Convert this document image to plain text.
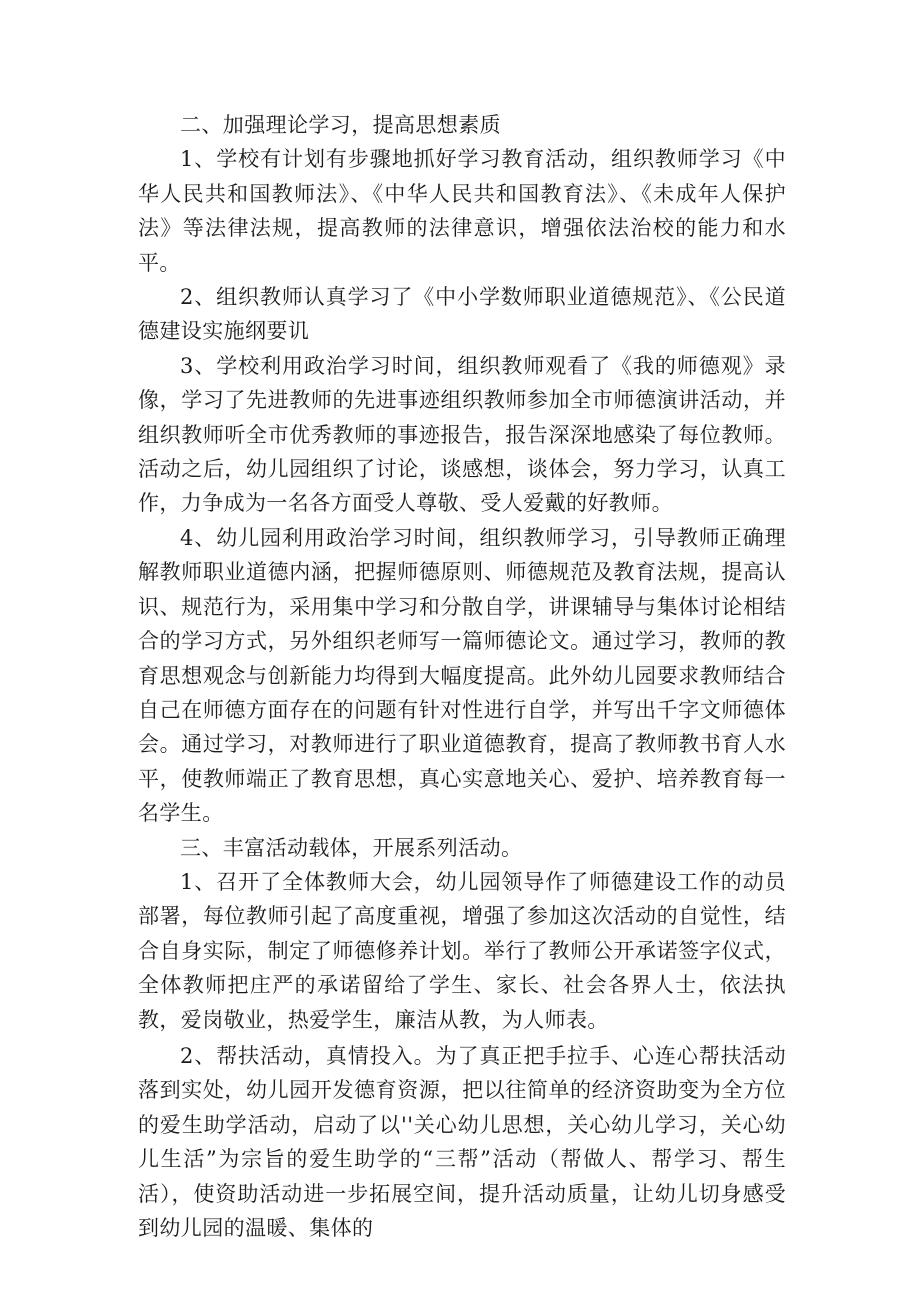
二、加强理论学习，提高思想素质

1、学校有计划有步骤地抓好学习教育活动，组织教师学习《中华人民共和国教师法》、《中华人民共和国教育法》、《未成年人保护法》等法律法规，提高教师的法律意识，增强依法治校的能力和水平。

2、组织教师认真学习了《中小学数师职业道德规范》、《公民道德建设实施纲要讥

3、学校利用政治学习时间，组织教师观看了《我的师德观》录像，学习了先进教师的先进事迹组织教师参加全市师德演讲活动，并组织教师听全市优秀教师的事迹报告，报告深深地感染了每位教师。活动之后，幼儿园组织了讨论，谈感想，谈体会，努力学习，认真工作，力争成为一名各方面受人尊敬、受人爱戴的好教师。

4、幼儿园利用政治学习时间，组织教师学习，引导教师正确理解教师职业道德内涵，把握师德原则、师德规范及教育法规，提高认识、规范行为，采用集中学习和分散自学，讲课辅导与集体讨论相结合的学习方式，另外组织老师写一篇师德论文。通过学习，教师的教育思想观念与创新能力均得到大幅度提高。此外幼儿园要求教师结合自己在师德方面存在的问题有针对性进行自学，并写出千字文师德体会。通过学习，对教师进行了职业道德教育，提高了教师教书育人水平，使教师端正了教育思想，真心实意地关心、爱护、培养教育每一名学生。

三、丰富活动载体，开展系列活动。

1、召开了全体教师大会，幼儿园领导作了师德建设工作的动员部署，每位教师引起了高度重视，增强了参加这次活动的自觉性，结合自身实际，制定了师德修养计划。举行了教师公开承诺签字仪式，全体教师把庄严的承诺留给了学生、家长、社会各界人士，依法执教，爱岗敬业，热爱学生，廉洁从教，为人师表。

2、帮扶活动，真情投入。为了真正把手拉手、心连心帮扶活动落到实处，幼儿园开发德育资源，把以往简单的经济资助变为全方位的爱生助学活动，启动了以''关心幼儿思想，关心幼儿学习，关心幼儿生活”为宗旨的爱生助学的“三帮”活动（帮做人、帮学习、帮生活），使资助活动进一步拓展空间，提升活动质量，让幼儿切身感受到幼儿园的温暖、集体的
